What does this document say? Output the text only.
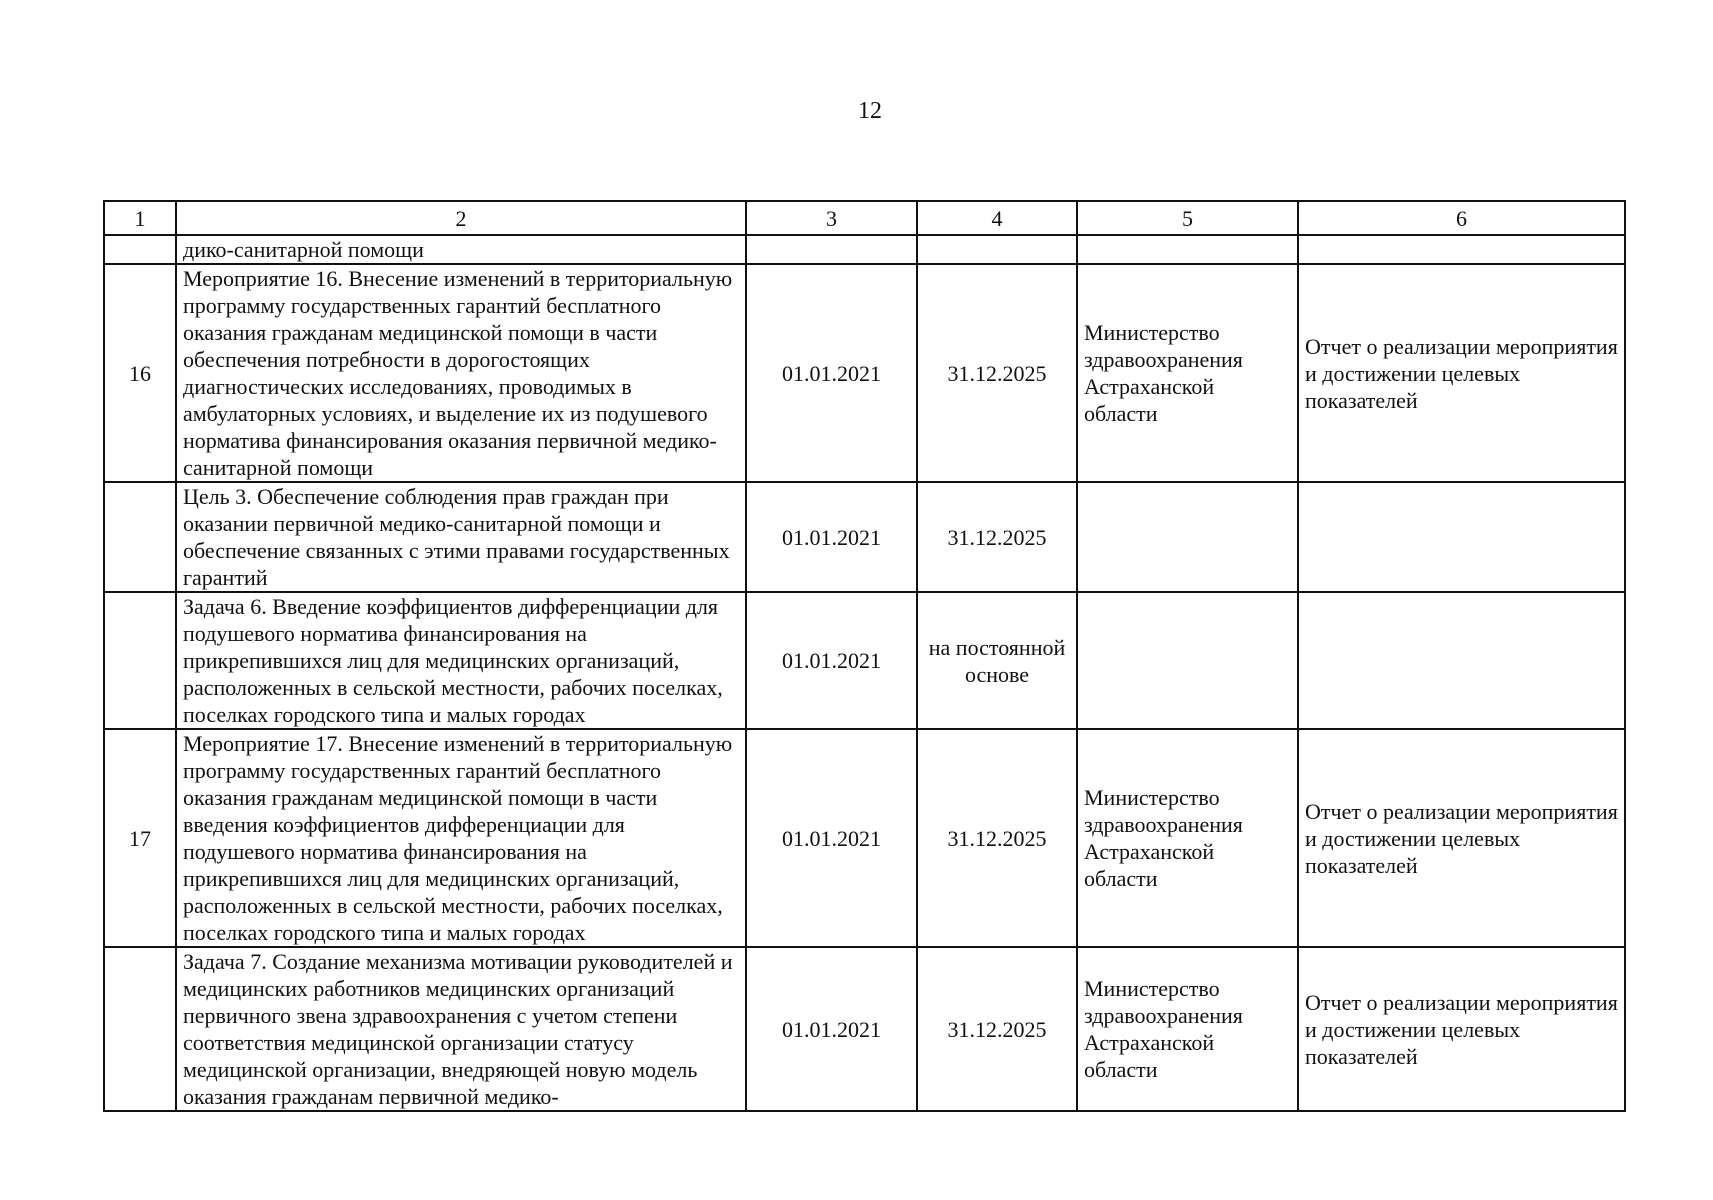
12
1	2	3	4	5	6
	дико-санитарной помощи				
16	Мероприятие 16. Внесение изменений в территориальную программу государственных гарантий бесплатного оказания гражданам медицинской помощи в части обеспечения потребности в дорогостоящих диагностических исследованиях, проводимых в амбулаторных условиях, и выделение их из подушевого норматива финансирования оказания первичной медико-санитарной помощи	01.01.2021	31.12.2025	Министерство здравоохранения Астраханской области	Отчет о реализации мероприятия и достижении целевых показателей
	Цель 3. Обеспечение соблюдения прав граждан при оказании первичной медико-санитарной помощи и обеспечение связанных с этими правами государственных гарантий	01.01.2021	31.12.2025		
	Задача 6. Введение коэффициентов дифференциации для подушевого норматива финансирования на прикрепившихся лиц для медицинских организаций, расположенных в сельской местности, рабочих поселках, поселках городского типа и малых городах	01.01.2021	на постоянной основе		
17	Мероприятие 17. Внесение изменений в территориальную программу государственных гарантий бесплатного оказания гражданам медицинской помощи в части введения коэффициентов дифференциации для подушевого норматива финансирования на прикрепившихся лиц для медицинских организаций, расположенных в сельской местности, рабочих поселках, поселках городского типа и малых городах	01.01.2021	31.12.2025	Министерство здравоохранения Астраханской области	Отчет о реализации мероприятия и достижении целевых показателей
	Задача 7. Создание механизма мотивации руководителей и медицинских работников медицинских организаций первичного звена здравоохранения с учетом степени соответствия медицинской организации статусу медицинской организации, внедряющей новую модель оказания гражданам первичной медико-	01.01.2021	31.12.2025	Министерство здравоохранения Астраханской области	Отчет о реализации мероприятия и достижении целевых показателей
